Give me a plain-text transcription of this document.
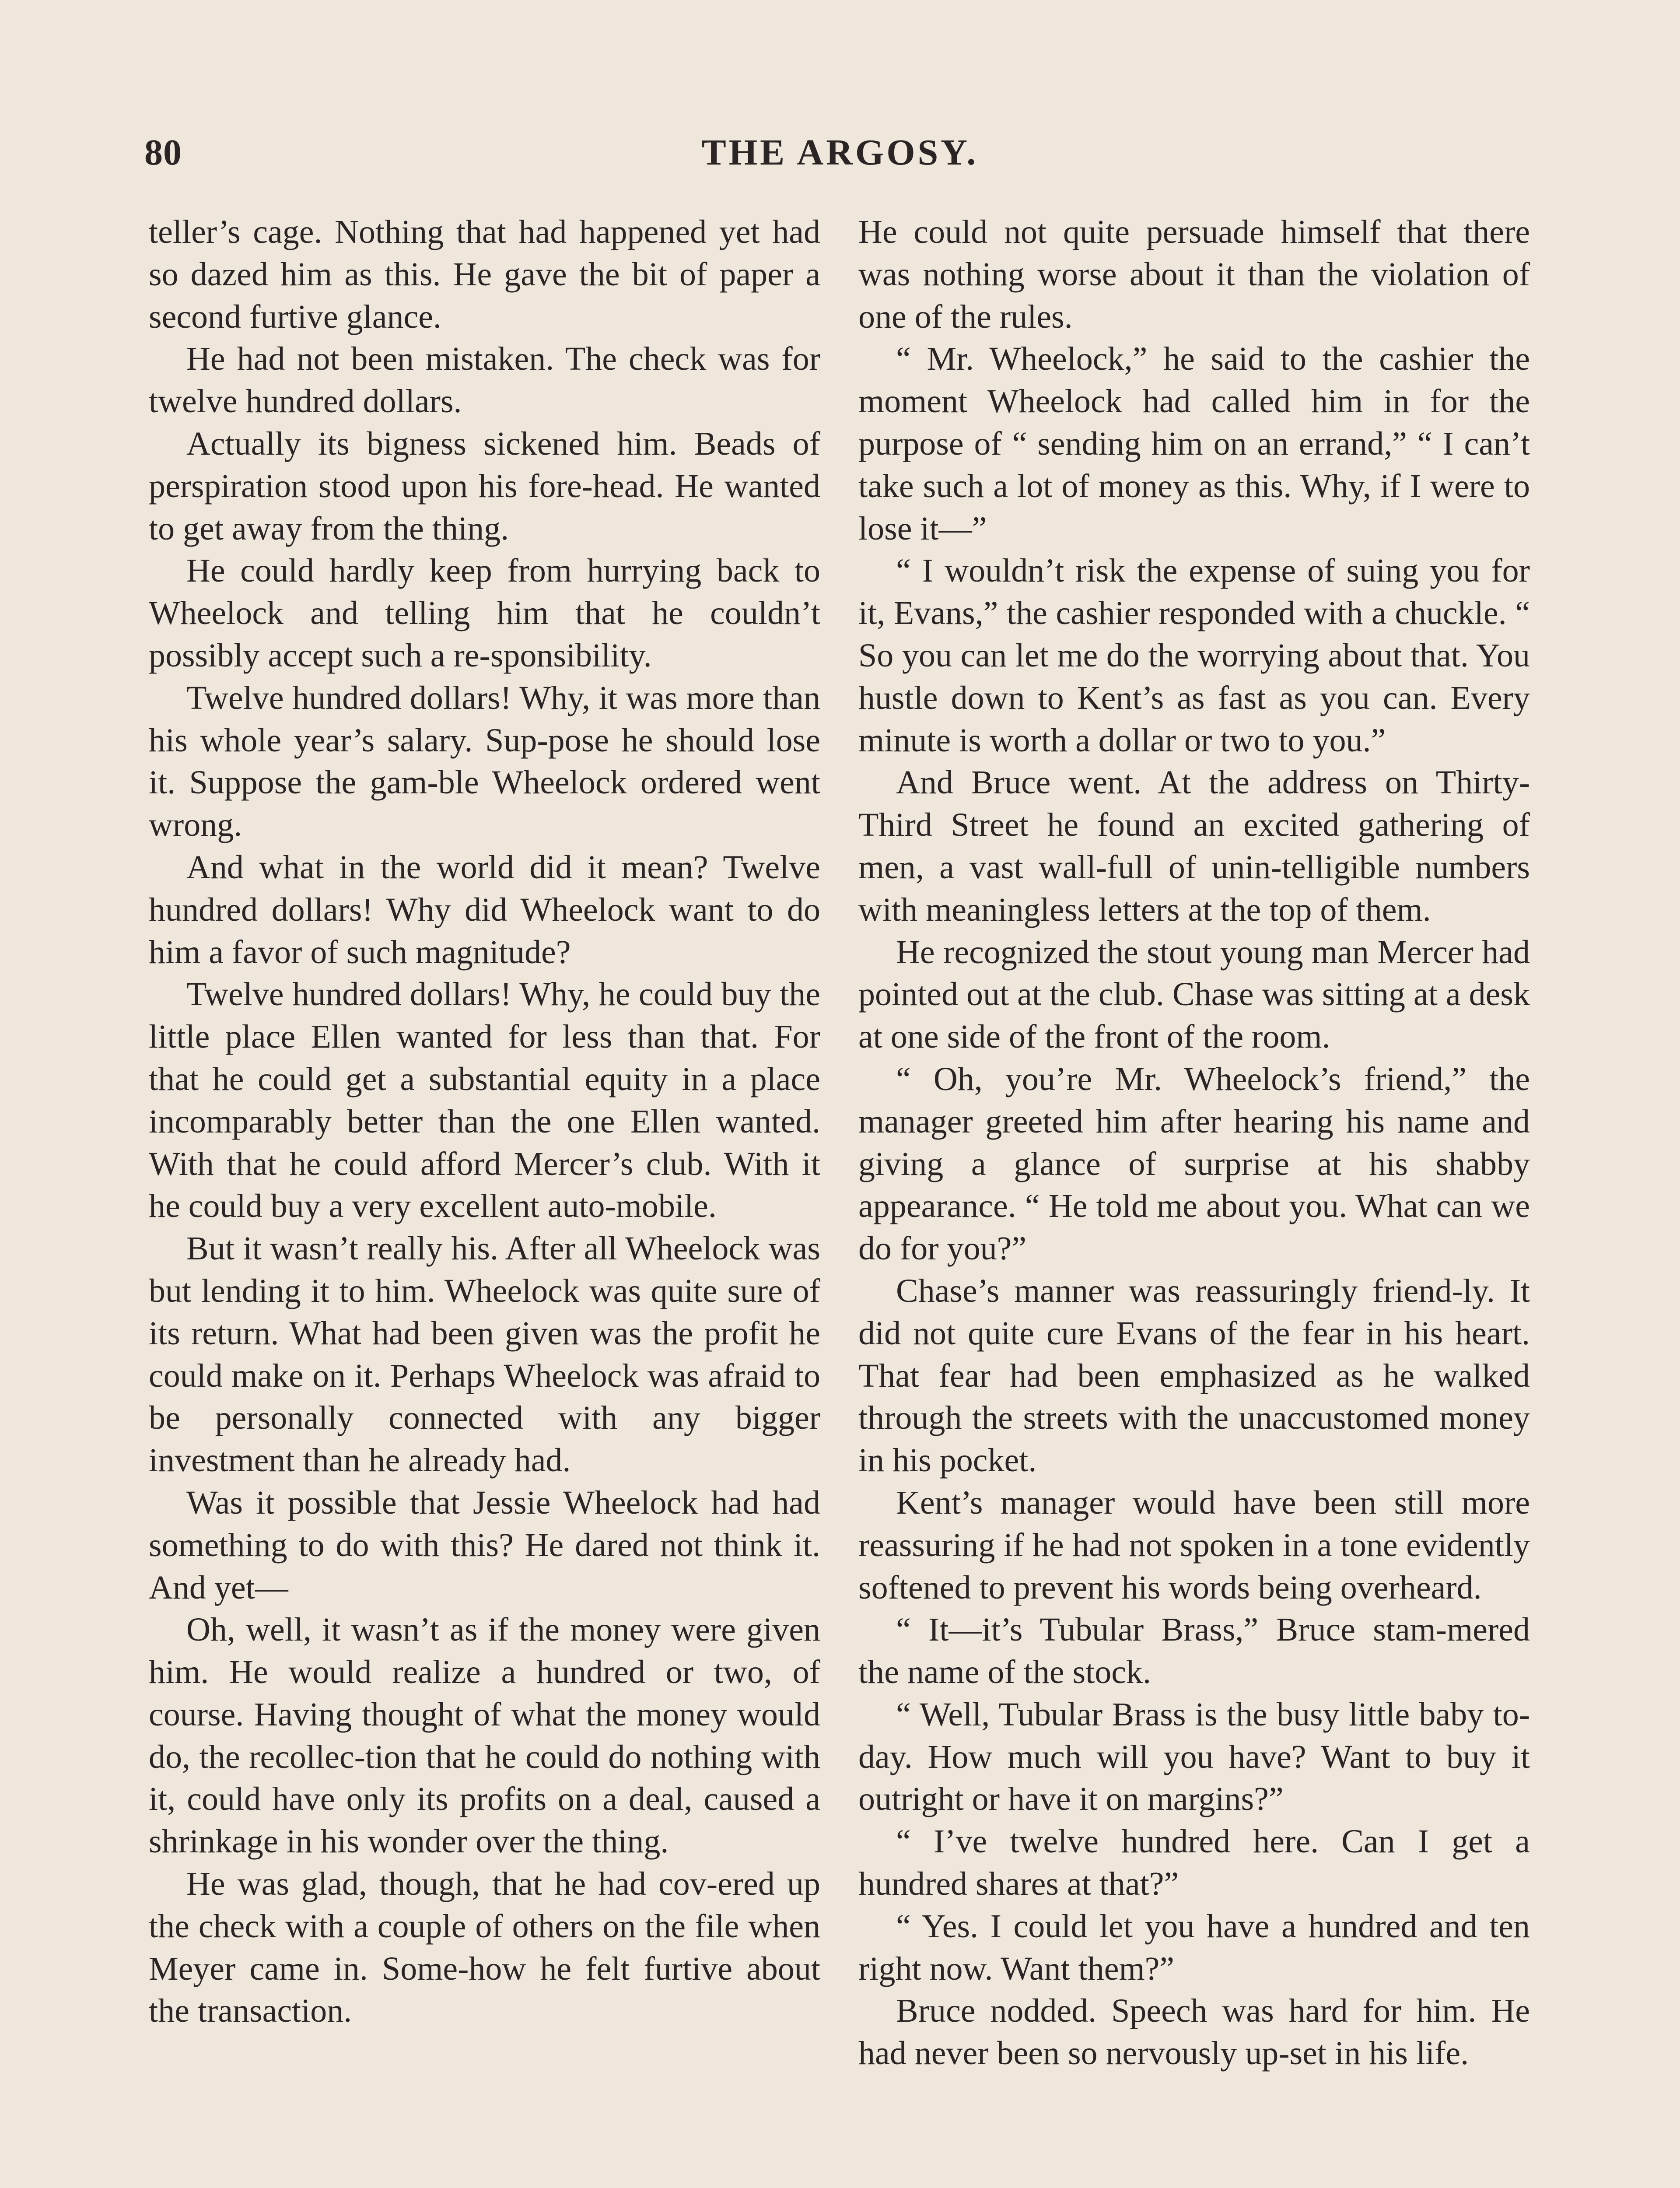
80	THE ARGOSY.

teller’s cage. Nothing that had happened yet had so dazed him as this. He gave the bit of paper a second furtive glance.

He had not been mistaken. The check was for twelve hundred dollars.

Actually its bigness sickened him. Beads of perspiration stood upon his fore-head. He wanted to get away from the thing.

He could hardly keep from hurrying back to Wheelock and telling him that he couldn’t possibly accept such a re-sponsibility.

Twelve hundred dollars! Why, it was more than his whole year’s salary. Sup-pose he should lose it. Suppose the gam-ble Wheelock ordered went wrong.

And what in the world did it mean? Twelve hundred dollars! Why did Wheelock want to do him a favor of such magnitude?

Twelve hundred dollars! Why, he could buy the little place Ellen wanted for less than that. For that he could get a substantial equity in a place incomparably better than the one Ellen wanted. With that he could afford Mercer’s club. With it he could buy a very excellent auto-mobile.

But it wasn’t really his. After all Wheelock was but lending it to him. Wheelock was quite sure of its return. What had been given was the profit he could make on it. Perhaps Wheelock was afraid to be personally connected with any bigger investment than he already had.

Was it possible that Jessie Wheelock had had something to do with this? He dared not think it. And yet—

Oh, well, it wasn’t as if the money were given him. He would realize a hundred or two, of course. Having thought of what the money would do, the recollec-tion that he could do nothing with it, could have only its profits on a deal, caused a shrinkage in his wonder over the thing.

He was glad, though, that he had cov-ered up the check with a couple of others on the file when Meyer came in. Some-how he felt furtive about the transaction.

He could not quite persuade himself that there was nothing worse about it than the violation of one of the rules.

“ Mr. Wheelock,” he said to the cashier the moment Wheelock had called him in for the purpose of “ sending him on an errand,” “ I can’t take such a lot of money as this. Why, if I were to lose it—”

“ I wouldn’t risk the expense of suing you for it, Evans,” the cashier responded with a chuckle. “ So you can let me do the worrying about that. You hustle down to Kent’s as fast as you can. Every minute is worth a dollar or two to you.”

And Bruce went. At the address on Thirty-Third Street he found an excited gathering of men, a vast wall-full of unin-telligible numbers with meaningless letters at the top of them.

He recognized the stout young man Mercer had pointed out at the club. Chase was sitting at a desk at one side of the front of the room.

“ Oh, you’re Mr. Wheelock’s friend,” the manager greeted him after hearing his name and giving a glance of surprise at his shabby appearance. “ He told me about you. What can we do for you?”

Chase’s manner was reassuringly friend-ly. It did not quite cure Evans of the fear in his heart. That fear had been emphasized as he walked through the streets with the unaccustomed money in his pocket.

Kent’s manager would have been still more reassuring if he had not spoken in a tone evidently softened to prevent his words being overheard.

“ It—it’s Tubular Brass,” Bruce stam-mered the name of the stock.

“ Well, Tubular Brass is the busy little baby to-day. How much will you have? Want to buy it outright or have it on margins?”

“ I’ve twelve hundred here. Can I get a hundred shares at that?”

“ Yes. I could let you have a hundred and ten right now. Want them?”

Bruce nodded. Speech was hard for him. He had never been so nervously up-set in his life.
